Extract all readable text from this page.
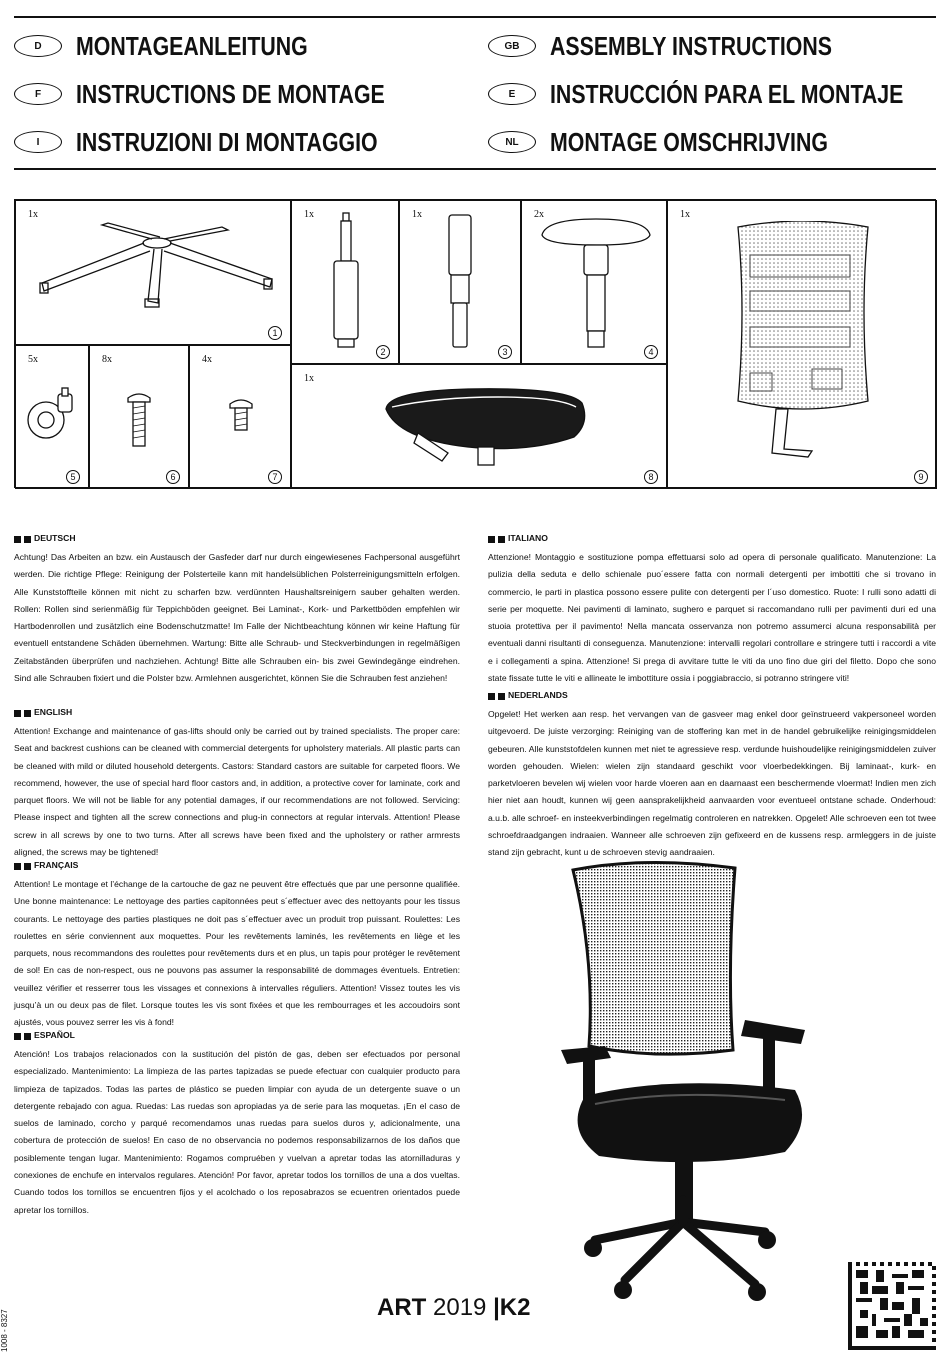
D	MONTAGEANLEITUNG
F	INSTRUCTIONS DE MONTAGE
I	INSTRUZIONI DI MONTAGGIO
GB	ASSEMBLY INSTRUCTIONS
E	INSTRUCCIÓN PARA EL MONTAJE
NL	MONTAGE OMSCHRIJVING
1x
1
1x
2
1x
3
2x
4
1x
9
5x
5
8x
6
4x
7
1x
8
DEUTSCH
Achtung! Das Arbeiten an bzw. ein Austausch der Gasfeder darf nur durch eingewiesenes Fachpersonal ausgeführt werden. Die richtige Pflege: Reinigung der Polsterteile kann mit handelsüblichen Polsterreinigungsmitteln erfolgen. Alle Kunststoffteile können mit nicht zu scharfen bzw. verdünnten Haushaltsreinigern sauber gehalten werden. Rollen: Rollen sind serienmäßig für Teppichböden geeignet. Bei Laminat-, Kork- und Parkettböden empfehlen wir Hartbodenrollen und zusätzlich eine Bodenschutzmatte! Im Falle der Nichtbeachtung können wir keine Haftung für eventuell entstandene Schäden übernehmen. Wartung: Bitte alle Schraub- und Steckverbindungen in regelmäßigen Zeitabständen überprüfen und nachziehen. Achtung! Bitte alle Schrauben ein- bis zwei Gewindegänge eindrehen. Sind alle Schrauben fixiert und die Polster bzw. Armlehnen ausgerichtet, können Sie die Schrauben fest anziehen!
ENGLISH
Attention! Exchange and maintenance of gas-lifts should only be carried out by trained specialists. The proper care: Seat and backrest cushions can be cleaned with commercial detergents for upholstery materials. All plastic parts can be cleaned with mild or diluted household detergents. Castors: Standard castors are suitable for carpeted floors. We recommend, however, the use of special hard floor castors and, in addition, a protective cover for laminate, cork and parquet floors. We will not be liable for any potential damages, if our recommendations are not followed. Servicing: Please inspect and tighten all the screw connections and plug-in connectors at regular intervals. Attention! Please screw in all screws by one to two turns. After all screws have been fixed and the upholstery or rather armrests aligned, the screws may be tightened!
FRANÇAIS
Attention! Le montage et l’échange de la cartouche de gaz ne peuvent être effectués que par une personne qualifiée. Une bonne maintenance: Le nettoyage des parties capitonnées peut s´effectuer avec des nettoyants pour les tissus courants. Le nettoyage des parties plastiques ne doit pas s´effectuer avec un produit trop puissant. Roulettes: Les roulettes en série conviennent aux moquettes. Pour les revêtements laminés, les revêtements en liège et les parquets, nous recommandons des roulettes pour revêtements durs et en plus, un tapis pour protéger le revêtement de sol! En cas de non-respect, ous ne pouvons pas assumer la responsabilité de dommages éventuels. Entretien: veuillez vérifier et resserrer tous les vissages et connexions à intervalles réguliers. Attention! Vissez toutes les vis jusqu’à un ou deux pas de filet. Lorsque toutes les vis sont fixées et que les rembourrages et les accoudoirs sont ajustés, vous pouvez serrer les vis à fond!
ESPAÑOL
Atención! Los trabajos relacionados con la sustitución del pistón de gas, deben ser efectuados por personal especializado. Mantenimiento: La limpieza de las partes tapizadas se puede efectuar con cualquier producto para limpieza de tapizados. Todas las partes de plástico se pueden limpiar con ayuda de un detergente suave o un detergente rebajado con agua. Ruedas: Las ruedas son apropiadas ya de serie para las moquetas. ¡En el caso de suelos de laminado, corcho y parqué recomendamos unas ruedas para suelos duros y, adicionalmente, una cobertura de protección de suelos! En caso de no observancia no podemos responsabilizarnos de los daños que posiblemente tengan lugar. Mantenimiento: Rogamos compruében y vuelvan a apretar todas las atornilladuras y conexiones de enchufe en intervalos regulares. Atención! Por favor, apretar todos los tornillos de una a dos vueltas. Cuando todos los tornillos se encuentren fijos y el acolchado o los reposabrazos se ecuentren orientados puede apretar los tornillos.
ITALIANO
Attenzione! Montaggio e sostituzione pompa effettuarsi solo ad opera di personale qualificato. Manutenzione: La pulizia della seduta e dello schienale puo´essere fatta con normali detergenti per imbottiti che si trovano in commercio, le parti in plastica possono essere pulite con detergenti per l´uso domestico. Ruote: I rulli sono adatti di serie per moquette. Nei pavimenti di laminato, sughero e parquet si raccomandano rulli per pavimenti duri ed una stuoia protettiva per il pavimento! Nella mancata osservanza non potremo assumerci alcuna responsabilità per eventuali danni risultanti di conseguenza. Manutenzione: intervalli regolari controllare e stringere tutti i raccordi a vite e i collegamenti a spina. Attenzione! Si prega di avvitare tutte le viti da uno fino due giri del filetto. Dopo che sono state fissate tutte le viti e allineate le imbottiture ossia i poggiabraccio, si potranno stringere viti!
NEDERLANDS
Opgelet! Het werken aan resp. het vervangen van de gasveer mag enkel door geïnstrueerd vakpersoneel worden uitgevoerd. De juiste verzorging: Reiniging van de stoffering kan met in de handel gebruikelijke reinigingsmiddelen gebeuren. Alle kunststofdelen kunnen met niet te agressieve resp. verdunde huishoudelijke reinigingsmiddelen zuiver worden gehouden. Wielen: wielen zijn standaard geschikt voor vloerbedekkingen. Bij laminaat-, kurk- en parketvloeren bevelen wij wielen voor harde vloeren aan en daarnaast een beschermende vloermat! Indien men zich hier niet aan houdt, kunnen wij geen aansprakelijkheid aanvaarden voor eventueel ontstane schade. Onderhoud: a.u.b. alle schroef- en insteekverbindingen regelmatig controleren en natrekken. Opgelet! Alle schroeven een tot twee schroefdraadgangen indraaien. Wanneer alle schroeven zijn gefixeerd en de kussens resp. armleggers in de juiste stand zijn gebracht, kunt u de schroeven stevig aandraaien.
ART 2019 |K2
1008 - 8327
